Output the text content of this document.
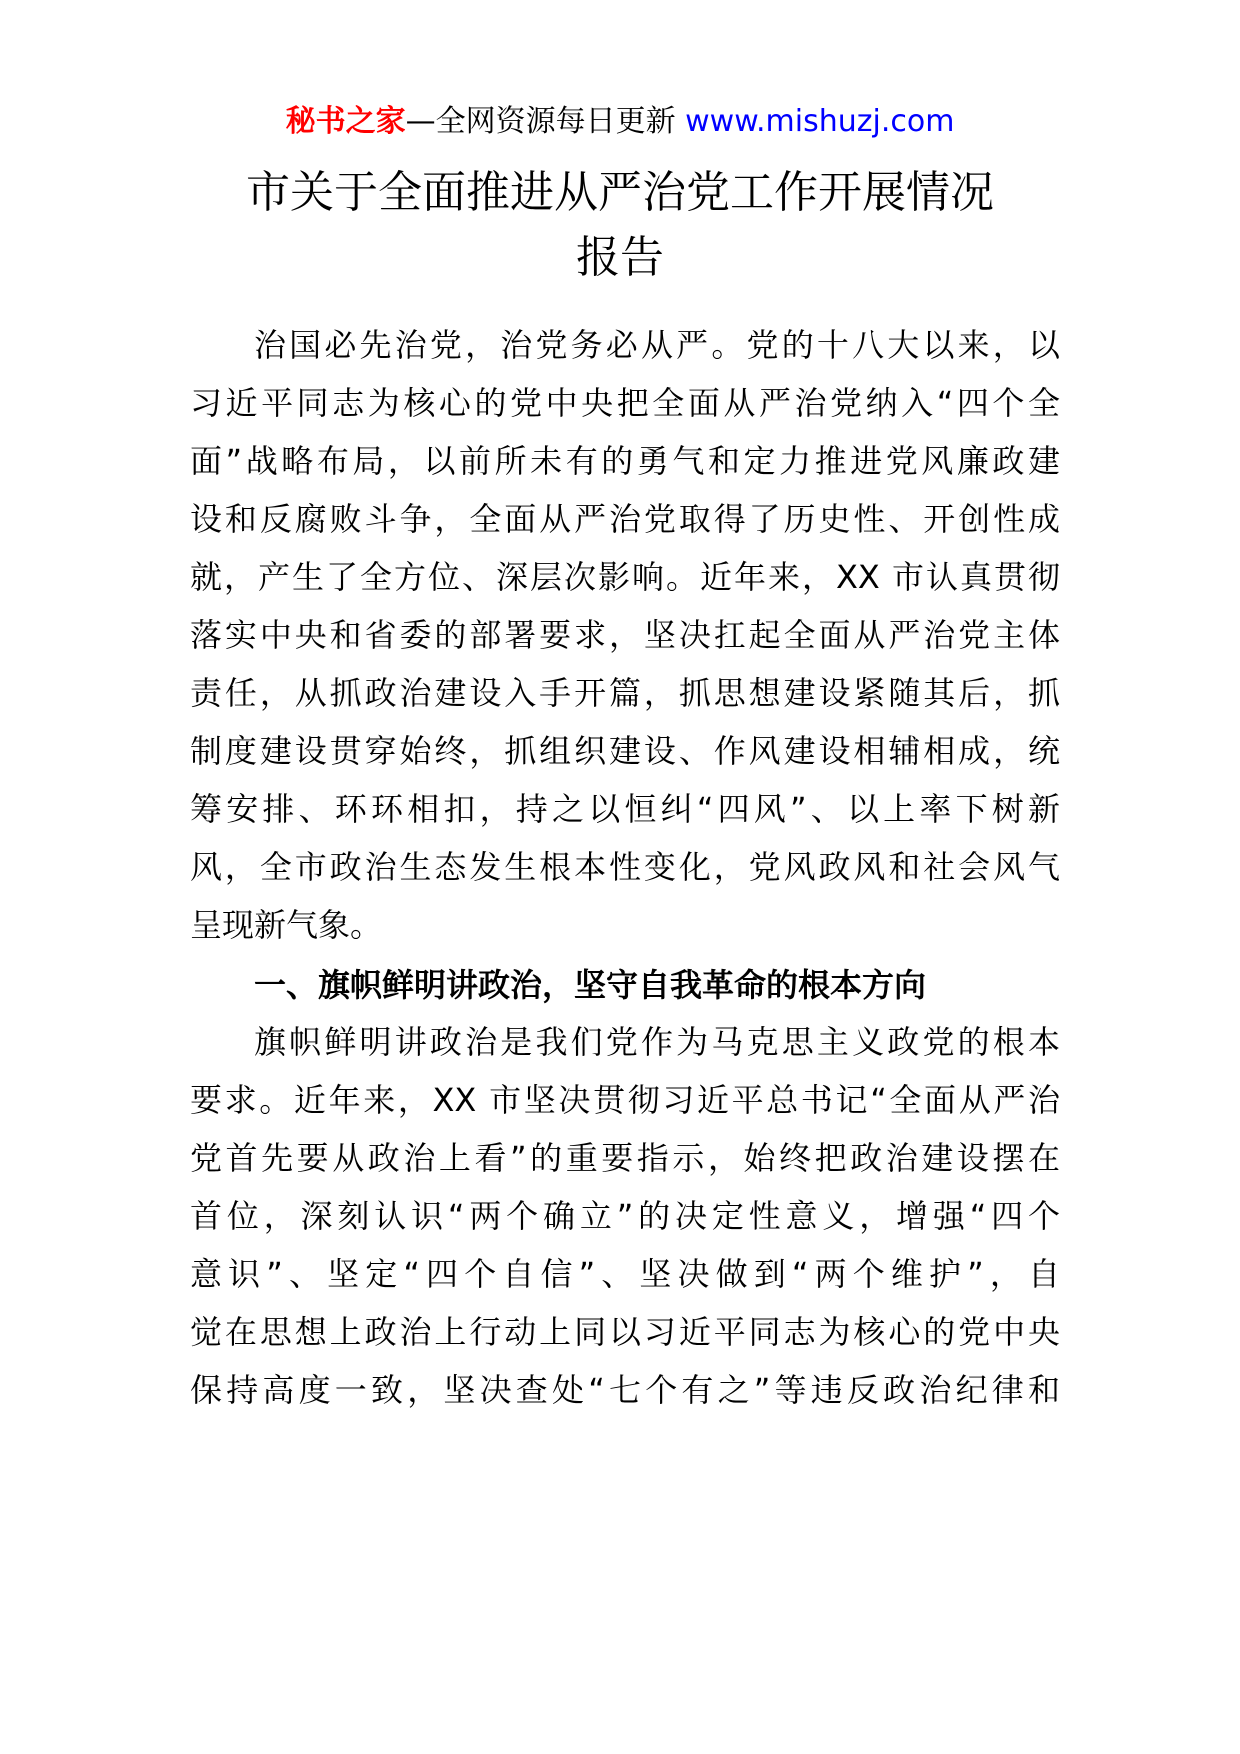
秘书之家—全网资源每日更新 www.mishuzj.com
市关于全面推进从严治党工作开展情况
报告
治国必先治党，治党务必从严。党的十八大以来，以
习近平同志为核心的党中央把全面从严治党纳入“四个全
面”战略布局，以前所未有的勇气和定力推进党风廉政建
设和反腐败斗争，全面从严治党取得了历史性、开创性成
就，产生了全方位、深层次影响。近年来，XX 市认真贯彻
落实中央和省委的部署要求，坚决扛起全面从严治党主体
责任，从抓政治建设入手开篇，抓思想建设紧随其后，抓
制度建设贯穿始终，抓组织建设、作风建设相辅相成，统
筹安排、环环相扣，持之以恒纠“四风”、以上率下树新
风，全市政治生态发生根本性变化，党风政风和社会风气
呈现新气象。
一、旗帜鲜明讲政治，坚守自我革命的根本方向
旗帜鲜明讲政治是我们党作为马克思主义政党的根本
要求。近年来，XX 市坚决贯彻习近平总书记“全面从严治
党首先要从政治上看”的重要指示，始终把政治建设摆在
首位，深刻认识“两个确立”的决定性意义，增强“四个
意识”、坚定“四个自信”、坚决做到“两个维护”，自
觉在思想上政治上行动上同以习近平同志为核心的党中央
保持高度一致，坚决查处“七个有之”等违反政治纪律和
